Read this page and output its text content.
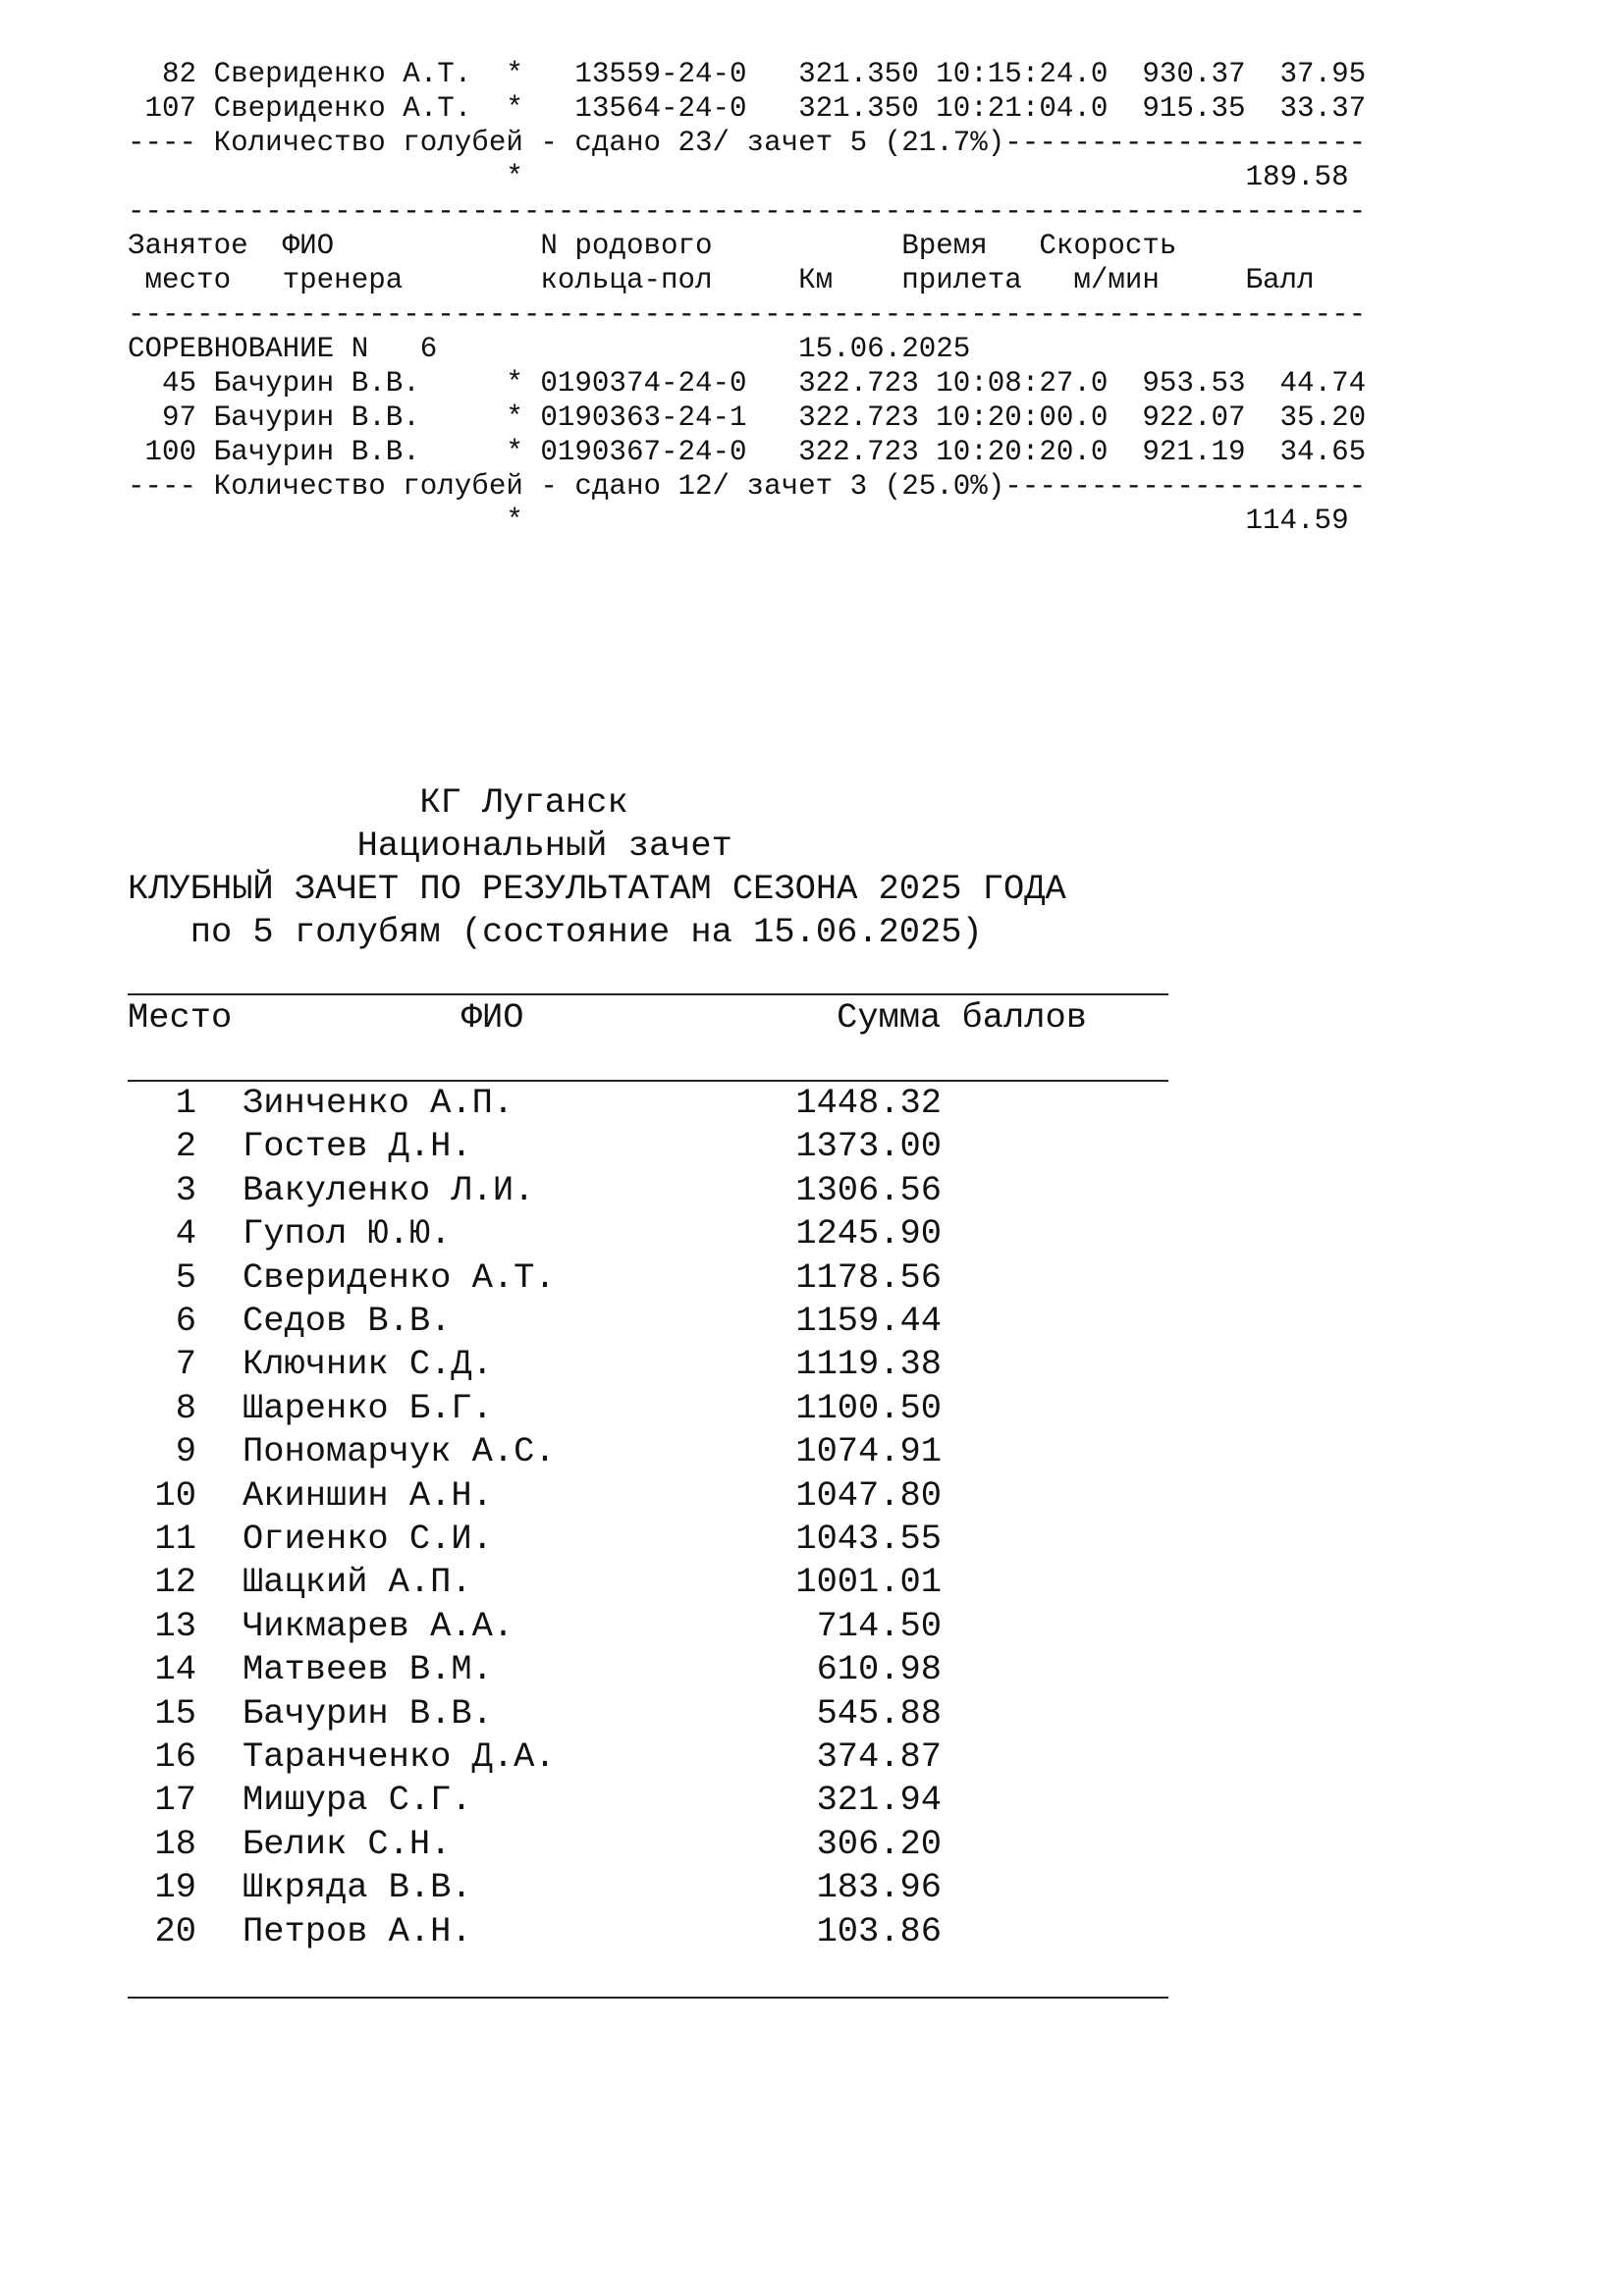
82 Свериденко А.Т.  *   13559-24-0   321.350 10:15:24.0  930.37  37.95
107 Свериденко А.Т.  *   13564-24-0   321.350 10:21:04.0  915.35  33.37
---- Количество голубей - сдано 23/ зачет 5 (21.7%)---------------------
*                                          189.58
------------------------------------------------------------------------
Занятое  ФИО            N родового           Время   Скорость
место   тренера        кольца-пол     Км    прилета   м/мин     Балл
------------------------------------------------------------------------
СОРЕВНОВАНИЕ N   6                     15.06.2025
45 Бачурин В.В.     * 0190374-24-0   322.723 10:08:27.0  953.53  44.74
97 Бачурин В.В.     * 0190363-24-1   322.723 10:20:00.0  922.07  35.20
100 Бачурин В.В.     * 0190367-24-0   322.723 10:20:20.0  921.19  34.65
---- Количество голубей - сдано 12/ зачет 3 (25.0%)---------------------
*                                          114.59
КГ Луганск
Национальный зачет
КЛУБНЫЙ ЗАЧЕТ ПО РЕЗУЛЬТАТАМ СЕЗОНА 2025 ГОДА
по 5 голубям (состояние на 15.06.2025)
Место           ФИО               Сумма баллов
1 Зинченко А.П.	1448.32
2 Гостев Д.Н.	1373.00
3 Вакуленко Л.И.	1306.56
4 Гупол Ю.Ю.	1245.90
5 Свериденко А.Т.	1178.56
6 Седов В.В.	1159.44
7 Ключник С.Д.	1119.38
8 Шаренко Б.Г.	1100.50
9 Пономарчук А.С.	1074.91
10 Акиншин А.Н.	1047.80
11 Огиенко С.И.	1043.55
12 Шацкий А.П.	1001.01
13 Чикмарев А.А.	714.50
14 Матвеев В.М.	610.98
15 Бачурин В.В.	545.88
16 Таранченко Д.А.	374.87
17 Мишура С.Г.	321.94
18 Белик С.Н.	306.20
19 Шкряда В.В.	183.96
20 Петров А.Н.	103.86
